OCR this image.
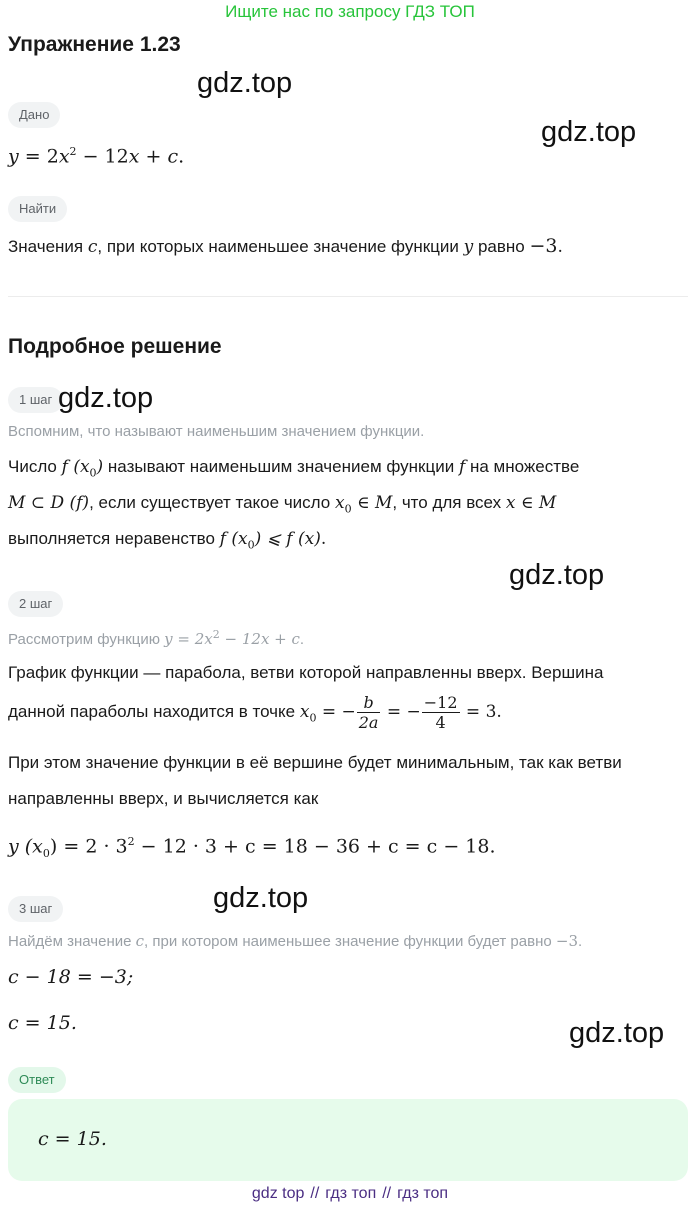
Ищите нас по запросу ГДЗ ТОП
Упражнение 1.23
gdz.top
gdz.top
Дано
$y = 2x^2 - 12x + c$.
Найти
Значения c, при которых наименьшее значение функции y равно −3.
Подробное решение
1 шаг gdz.top
Вспомним, что называют наименьшим значением функции.
Число f $(x_0)$ называют наименьшим значением функции f на множестве
M ⊂ D (f), если существует такое число $x_0$ ∈ M, что для всех x ∈ M
выполняется неравенство f $(x_0)$ ⩽ f (x).
gdz.top
2 шаг
Рассмотрим функцию $y = 2x^2 - 12x + c$.
График функции — парабола, ветви которой направленны вверх. Вершина
данной параболы находится в точке $x_0$ = − $\frac{b}{2a}$ = − $\frac{-12}{4} = 3$.
При этом значение функции в её вершине будет минимальным, так как ветви
направленны вверх, и вычисляется как
y $(x_0) = 2 \cdot 3^2 - 12 \cdot 3 + c = 18 - 36 + c = c - 18$.
gdz.top
3 шаг
Найдём значение c, при котором наименьшее значение функции будет равно −3.
c − 18 = −3;
c = 15.	gdz.top
Ответ
c = 15.
gdz top // гдз топ // гдз топ
